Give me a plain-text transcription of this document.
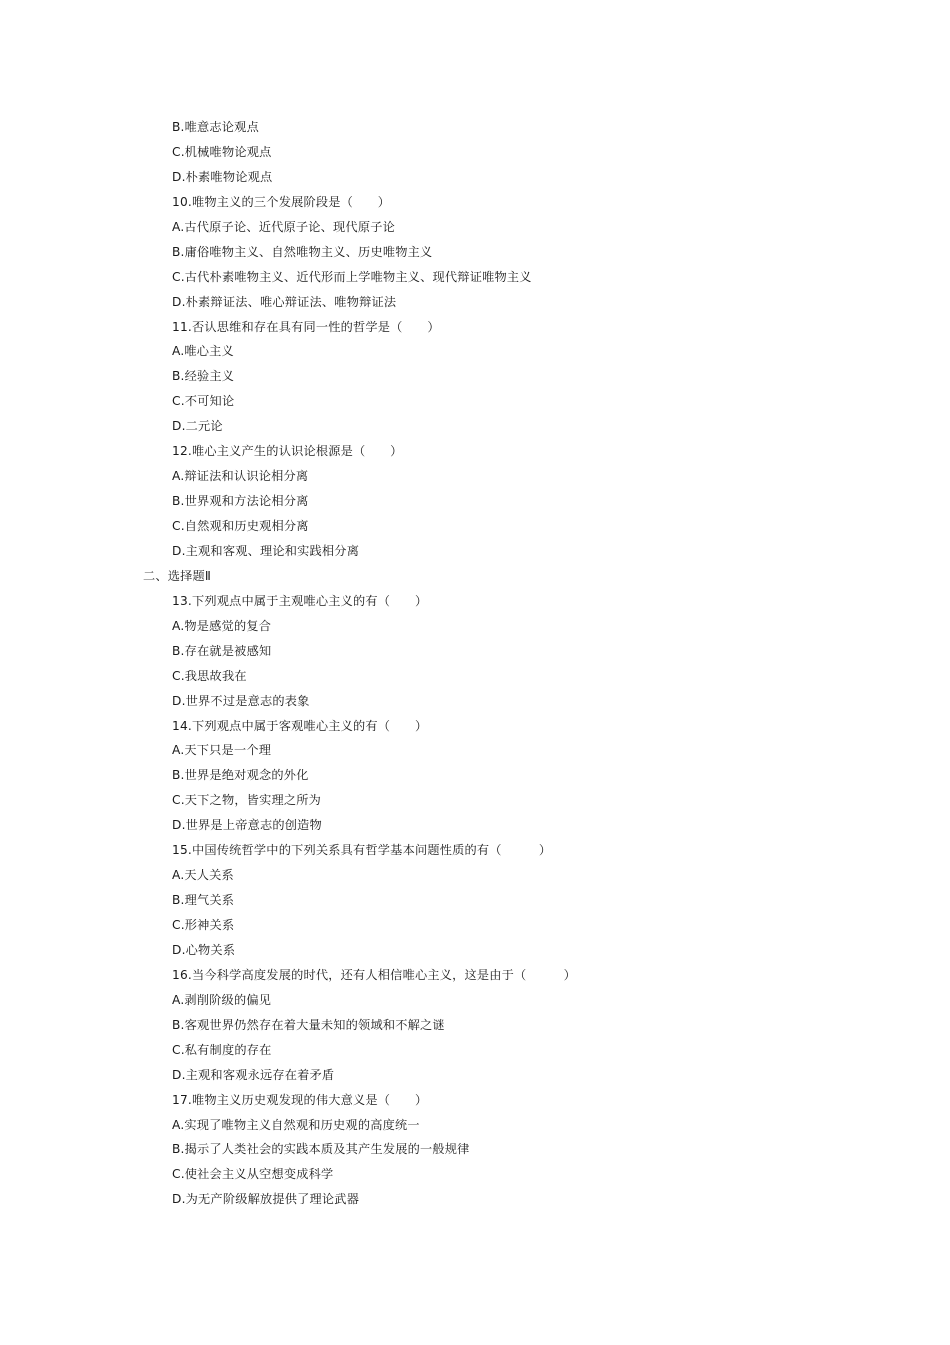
B.唯意志论观点
C.机械唯物论观点
D.朴素唯物论观点
10.唯物主义的三个发展阶段是（　　）
A.古代原子论、近代原子论、现代原子论
B.庸俗唯物主义、自然唯物主义、历史唯物主义
C.古代朴素唯物主义、近代形而上学唯物主义、现代辩证唯物主义
D.朴素辩证法、唯心辩证法、唯物辩证法
11.否认思维和存在具有同一性的哲学是（　　）
A.唯心主义
B.经验主义
C.不可知论
D.二元论
12.唯心主义产生的认识论根源是（　　）
A.辩证法和认识论相分离
B.世界观和方法论相分离
C.自然观和历史观相分离
D.主观和客观、理论和实践相分离
二、选择题Ⅱ
13.下列观点中属于主观唯心主义的有（　　）
A.物是感觉的复合
B.存在就是被感知
C.我思故我在
D.世界不过是意志的表象
14.下列观点中属于客观唯心主义的有（　　）
A.天下只是一个理
B.世界是绝对观念的外化
C.天下之物，皆实理之所为
D.世界是上帝意志的创造物
15.中国传统哲学中的下列关系具有哲学基本问题性质的有（　　　）
A.天人关系
B.理气关系
C.形神关系
D.心物关系
16.当今科学高度发展的时代，还有人相信唯心主义，这是由于（　　　）
A.剥削阶级的偏见
B.客观世界仍然存在着大量未知的领域和不解之谜
C.私有制度的存在
D.主观和客观永远存在着矛盾
17.唯物主义历史观发现的伟大意义是（　　）
A.实现了唯物主义自然观和历史观的高度统一
B.揭示了人类社会的实践本质及其产生发展的一般规律
C.使社会主义从空想变成科学
D.为无产阶级解放提供了理论武器
